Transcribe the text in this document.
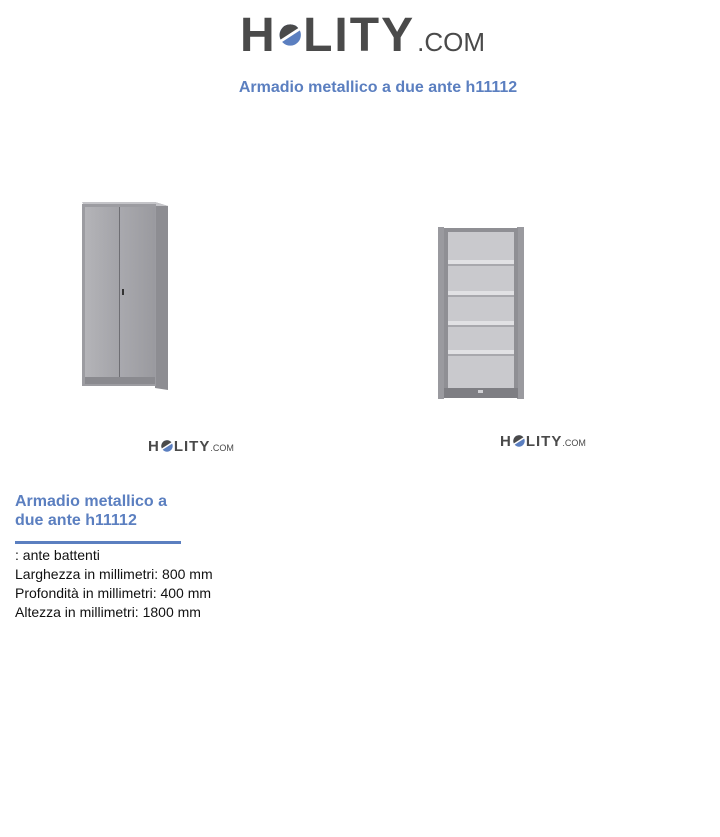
H LITY .COM
Armadio metallico a due ante h11112
H LITY .COM	H LITY .COM
Armadio metallico a due ante h11112
: ante battenti
Larghezza in millimetri: 800 mm
Profondità in millimetri: 400 mm
Altezza in millimetri: 1800 mm
